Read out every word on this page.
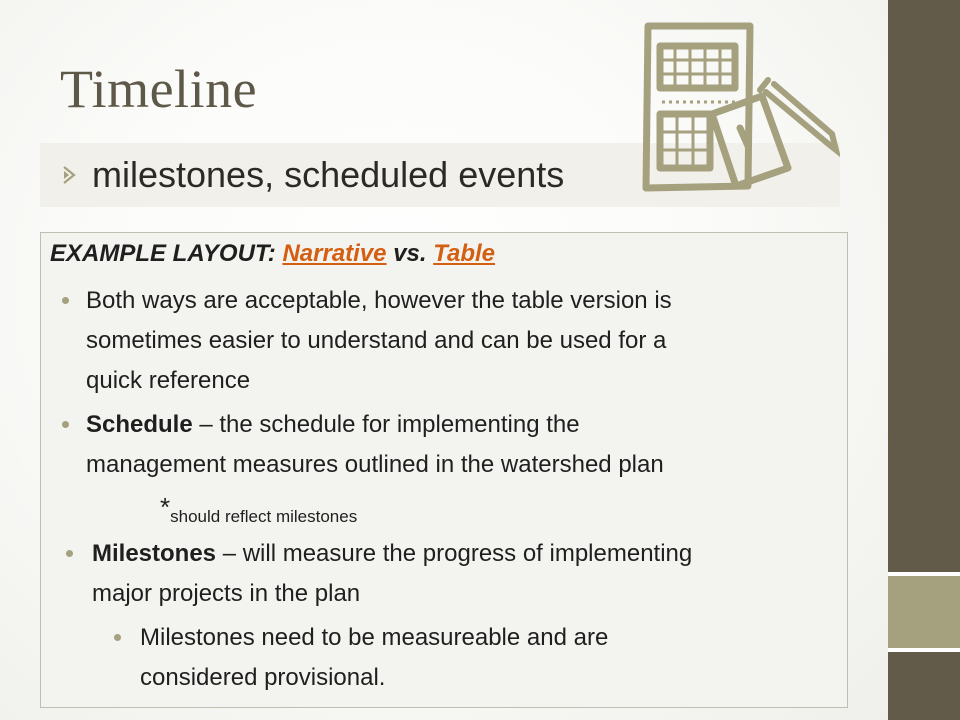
Timeline
milestones, scheduled events
EXAMPLE LAYOUT: Narrative vs. Table
Both ways are acceptable, however the table version is
sometimes easier to understand and can be used for a
quick reference
Schedule – the schedule for implementing the
management measures outlined in the watershed plan
*should reflect milestones
Milestones – will measure the progress of implementing
major projects in the plan
Milestones need to be measureable and are
considered provisional.
